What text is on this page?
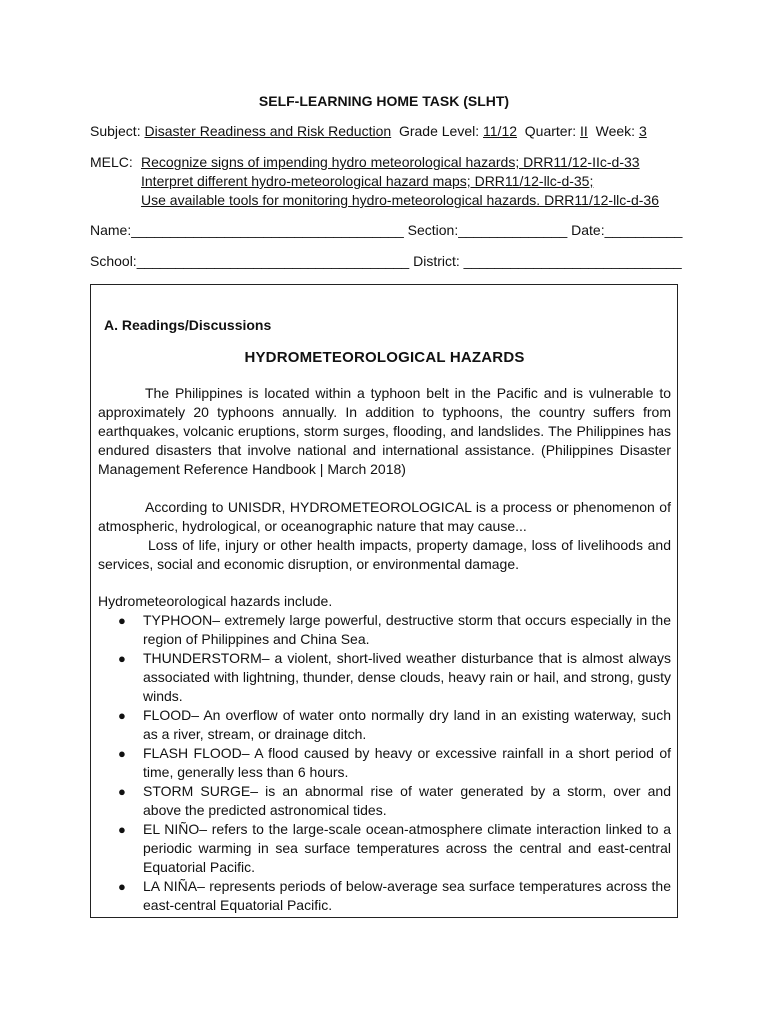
SELF-LEARNING HOME TASK (SLHT)
Subject: Disaster Readiness and Risk Reduction Grade Level: 11/12 Quarter: II Week: 3
MELC: Recognize signs of impending hydro meteorological hazards; DRR11/12-IIc-d-33
Interpret different hydro-meteorological hazard maps; DRR11/12-llc-d-35;
Use available tools for monitoring hydro-meteorological hazards. DRR11/12-llc-d-36
Name:___________________________________ Section:______________ Date:__________
School:___________________________________ District: ____________________________
A. Readings/Discussions
HYDROMETEOROLOGICAL HAZARDS
The Philippines is located within a typhoon belt in the Pacific and is vulnerable to approximately 20 typhoons annually. In addition to typhoons, the country suffers from earthquakes, volcanic eruptions, storm surges, flooding, and landslides. The Philippines has endured disasters that involve national and international assistance. (Philippines Disaster Management Reference Handbook | March 2018)
According to UNISDR, HYDROMETEOROLOGICAL is a process or phenomenon of atmospheric, hydrological, or oceanographic nature that may cause...
Loss of life, injury or other health impacts, property damage, loss of livelihoods and services, social and economic disruption, or environmental damage.
Hydrometeorological hazards include.
● TYPHOON– extremely large powerful, destructive storm that occurs especially in the region of Philippines and China Sea.
● THUNDERSTORM– a violent, short-lived weather disturbance that is almost always associated with lightning, thunder, dense clouds, heavy rain or hail, and strong, gusty winds.
● FLOOD– An overflow of water onto normally dry land in an existing waterway, such as a river, stream, or drainage ditch.
● FLASH FLOOD– A flood caused by heavy or excessive rainfall in a short period of time, generally less than 6 hours.
● STORM SURGE– is an abnormal rise of water generated by a storm, over and above the predicted astronomical tides.
● EL NIÑO– refers to the large-scale ocean-atmosphere climate interaction linked to a periodic warming in sea surface temperatures across the central and east-central Equatorial Pacific.
● LA NIÑA– represents periods of below-average sea surface temperatures across the east-central Equatorial Pacific.
